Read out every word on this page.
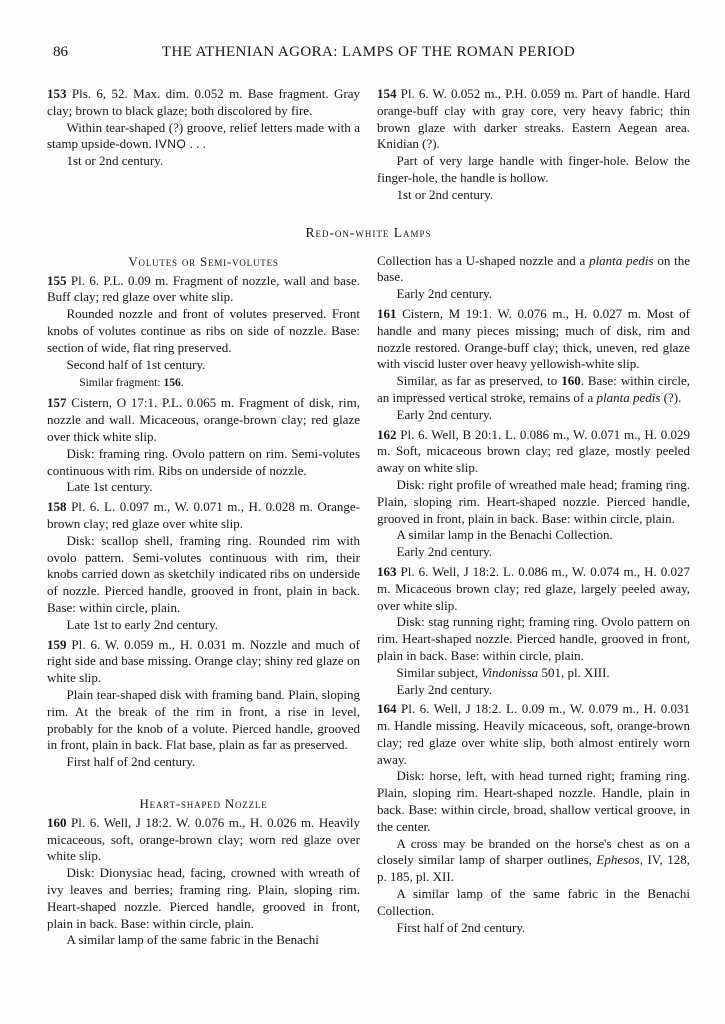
86	THE ATHENIAN AGORA: LAMPS OF THE ROMAN PERIOD

153 Pls. 6, 52. Max. dim. 0.052 m. Base fragment. Gray clay; brown to black glaze; both discolored by fire.

Within tear-shaped (?) groove, relief letters made with a stamp upside-down. IVNỌ . . .

1st or 2nd century.

154 Pl. 6. W. 0.052 m., P.H. 0.059 m. Part of handle. Hard orange-buff clay with gray core, very heavy fabric; thin brown glaze with darker streaks. Eastern Aegean area. Knidian (?).

Part of very large handle with finger-hole. Below the finger-hole, the handle is hollow.

1st or 2nd century.

Red-on-white Lamps
Volutes or Semi-volutes

155 Pl. 6. P.L. 0.09 m. Fragment of nozzle, wall and base. Buff clay; red glaze over white slip.

Rounded nozzle and front of volutes preserved. Front knobs of volutes continue as ribs on side of nozzle. Base: section of wide, flat ring preserved.

Second half of 1st century.

Similar fragment: 156.

157 Cistern, O 17:1. P.L. 0.065 m. Fragment of disk, rim, nozzle and wall. Micaceous, orange-brown clay; red glaze over thick white slip.

Disk: framing ring. Ovolo pattern on rim. Semi-volutes continuous with rim. Ribs on underside of nozzle.

Late 1st century.

158 Pl. 6. L. 0.097 m., W. 0.071 m., H. 0.028 m. Orange-brown clay; red glaze over white slip.

Disk: scallop shell, framing ring. Rounded rim with ovolo pattern. Semi-volutes continuous with rim, their knobs carried down as sketchily indicated ribs on underside of nozzle. Pierced handle, grooved in front, plain in back. Base: within circle, plain.

Late 1st to early 2nd century.

159 Pl. 6. W. 0.059 m., H. 0.031 m. Nozzle and much of right side and base missing. Orange clay; shiny red glaze on white slip.

Plain tear-shaped disk with framing band. Plain, sloping rim. At the break of the rim in front, a rise in level, probably for the knob of a volute. Pierced handle, grooved in front, plain in back. Flat base, plain as far as preserved.

First half of 2nd century.

Heart-shaped Nozzle

160 Pl. 6. Well, J 18:2. W. 0.076 m., H. 0.026 m. Heavily micaceous, soft, orange-brown clay; worn red glaze over white slip.

Disk: Dionysiac head, facing, crowned with wreath of ivy leaves and berries; framing ring. Plain, sloping rim. Heart-shaped nozzle. Pierced handle, grooved in front, plain in back. Base: within circle, plain.

A similar lamp of the same fabric in the Benachi

Collection has a U-shaped nozzle and a planta pedis on the base.

Early 2nd century.

161 Cistern, M 19:1. W. 0.076 m., H. 0.027 m. Most of handle and many pieces missing; much of disk, rim and nozzle restored. Orange-buff clay; thick, uneven, red glaze with viscid luster over heavy yellowish-white slip.

Similar, as far as preserved, to 160. Base: within circle, an impressed vertical stroke, remains of a planta pedis (?).

Early 2nd century.

162 Pl. 6. Well, B 20:1. L. 0.086 m., W. 0.071 m., H. 0.029 m. Soft, micaceous brown clay; red glaze, mostly peeled away on white slip.

Disk: right profile of wreathed male head; framing ring. Plain, sloping rim. Heart-shaped nozzle. Pierced handle, grooved in front, plain in back. Base: within circle, plain.

A similar lamp in the Benachi Collection.

Early 2nd century.

163 Pl. 6. Well, J 18:2. L. 0.086 m., W. 0.074 m., H. 0.027 m. Micaceous brown clay; red glaze, largely peeled away, over white slip.

Disk: stag running right; framing ring. Ovolo pattern on rim. Heart-shaped nozzle. Pierced handle, grooved in front, plain in back. Base: within circle, plain.

Similar subject, Vindonissa 501, pl. XIII.

Early 2nd century.

164 Pl. 6. Well, J 18:2. L. 0.09 m., W. 0.079 m., H. 0.031 m. Handle missing. Heavily micaceous, soft, orange-brown clay; red glaze over white slip, both almost entirely worn away.

Disk: horse, left, with head turned right; framing ring. Plain, sloping rim. Heart-shaped nozzle. Handle, plain in back. Base: within circle, broad, shallow vertical groove, in the center.

A cross may be branded on the horse's chest as on a closely similar lamp of sharper outlines, Ephesos, IV, 128, p. 185, pl. XII.

A similar lamp of the same fabric in the Benachi Collection.

First half of 2nd century.
